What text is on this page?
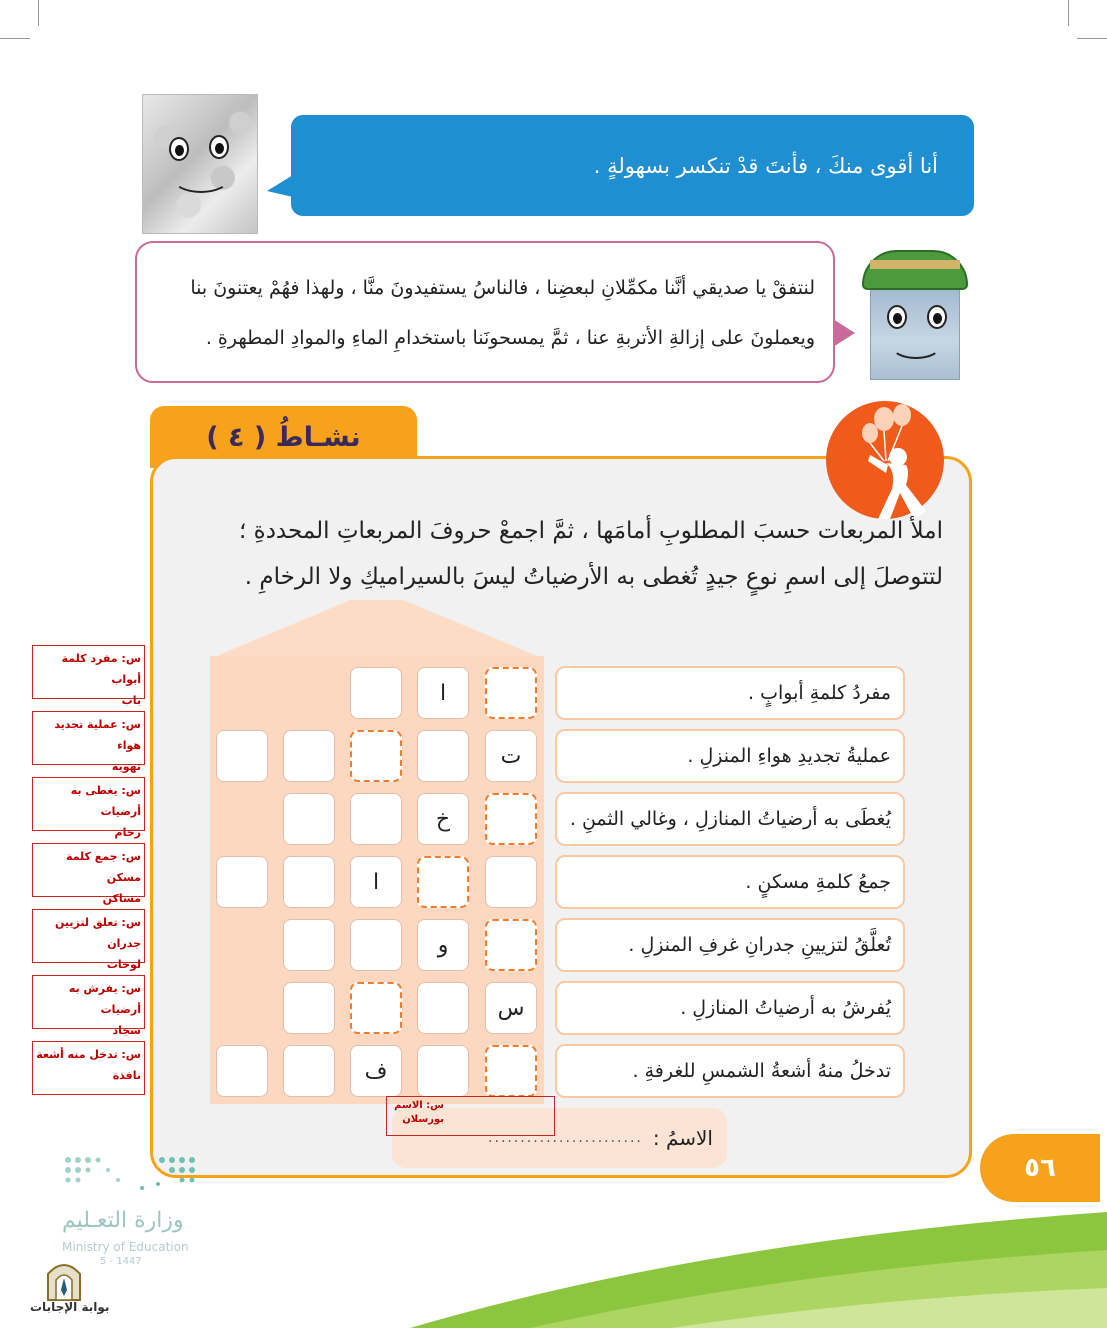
أنا أقوى منكَ ، فأنتَ قدْ تنكسر بسهولةٍ .

لنتفقْ يا صديقي أنَّنا مكمِّلانِ لبعضِنا ، فالناسُ يستفيدونَ منَّا ، ولهذا فهُمْ يعتنونَ بنا

ويعملونَ على إزالةِ الأتربةِ عنا ، ثمَّ يمسحونَنا باستخدامِ الماءِ والموادِ المطهرةِ .

نشـاطُ ( ٤ )
املأ المربعات حسبَ المطلوبِ أمامَها ، ثمَّ اجمعْ حروفَ المربعاتِ المحددةِ ؛
لتتوصلَ إلى اسمِ نوعٍ جيدٍ تُغطى به الأرضياتُ ليسَ بالسيراميكِ ولا الرخامِ .
ا
ت
خ
ا
و
س
ف
مفردُ كلمةِ أبوابٍ .
عمليةُ تجديدِ هواءِ المنزلِ .
يُغطَى به أرضياتُ المنازلِ ، وغالي الثمنِ .
جمعُ كلمةِ مسكنٍ .
تُعلَّقُ لتزيينِ جدرانِ غرفِ المنزلِ .
يُفرشُ به أرضياتُ المنازلِ .
تدخلُ منهُ أشعةُ الشمسِ للغرفةِ .
الاسمُ :
........................
س: مفرد كلمة أبواب
باب
س: عملية تجديد هواء
تهوية
س: يغطى به أرضيات
رخام
س: جمع كلمة مسكن
مساكن
س: تعلق لتزيين جدران
لوحات
س: يفرش به أرضيات
سجاد
س: تدخل منه أشعة
نافذة
س: الاسم
بورسلان
٥٦
وزارة التعـليم
Ministry of Education
5 - 1447
بوابة الإجابات
